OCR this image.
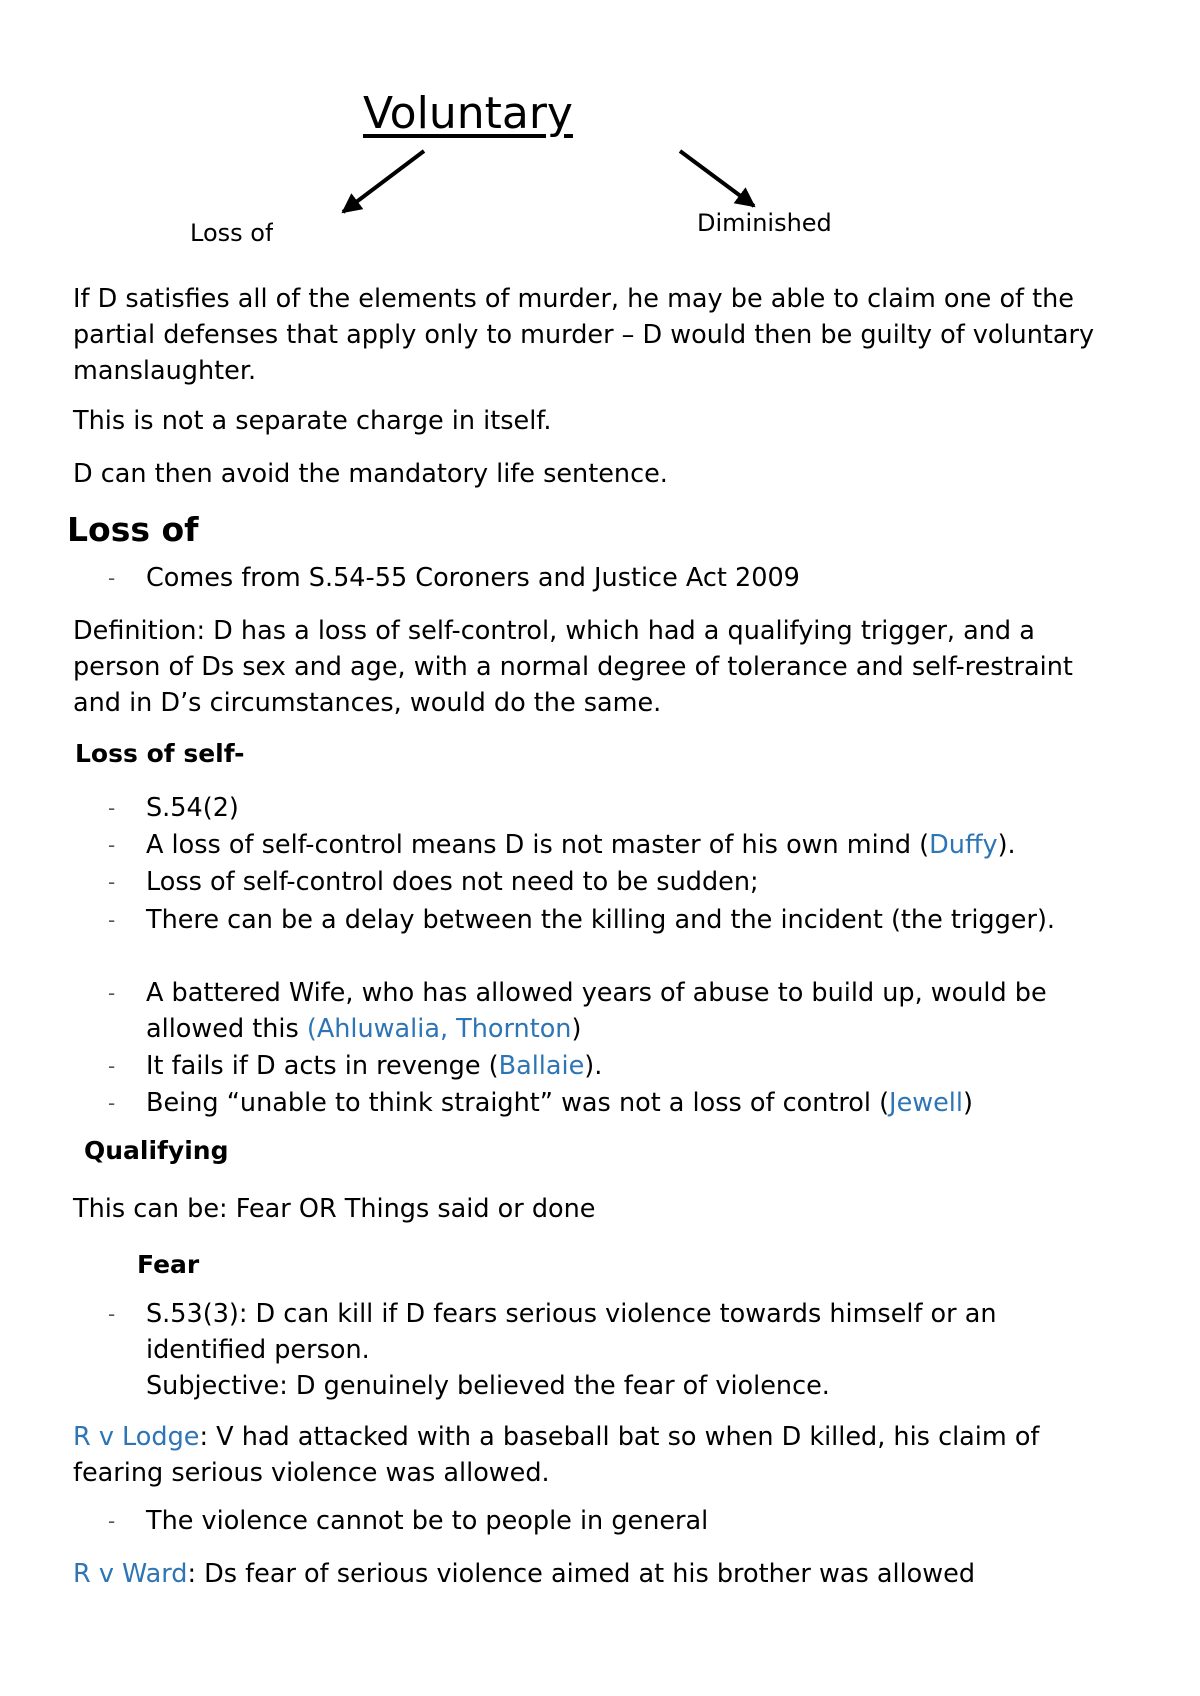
Voluntary
Loss of	Diminished
If D satisfies all of the elements of murder, he may be able to claim one of the partial defenses that apply only to murder – D would then be guilty of voluntary manslaughter.
This is not a separate charge in itself.
D can then avoid the mandatory life sentence.
Loss of
- Comes from S.54-55 Coroners and Justice Act 2009
Definition: D has a loss of self-control, which had a qualifying trigger, and a person of Ds sex and age, with a normal degree of tolerance and self-restraint and in D’s circumstances, would do the same.
Loss of self-
- S.54(2)
- A loss of self-control means D is not master of his own mind (Duffy).
- Loss of self-control does not need to be sudden;
- There can be a delay between the killing and the incident (the trigger).
- A battered Wife, who has allowed years of abuse to build up, would be allowed this (Ahluwalia, Thornton)
- It fails if D acts in revenge (Ballaie).
- Being “unable to think straight” was not a loss of control (Jewell)
Qualifying
This can be: Fear OR Things said or done
Fear
- S.53(3): D can kill if D fears serious violence towards himself or an identified person.
Subjective: D genuinely believed the fear of violence.
R v Lodge: V had attacked with a baseball bat so when D killed, his claim of fearing serious violence was allowed.
- The violence cannot be to people in general
R v Ward: Ds fear of serious violence aimed at his brother was allowed
